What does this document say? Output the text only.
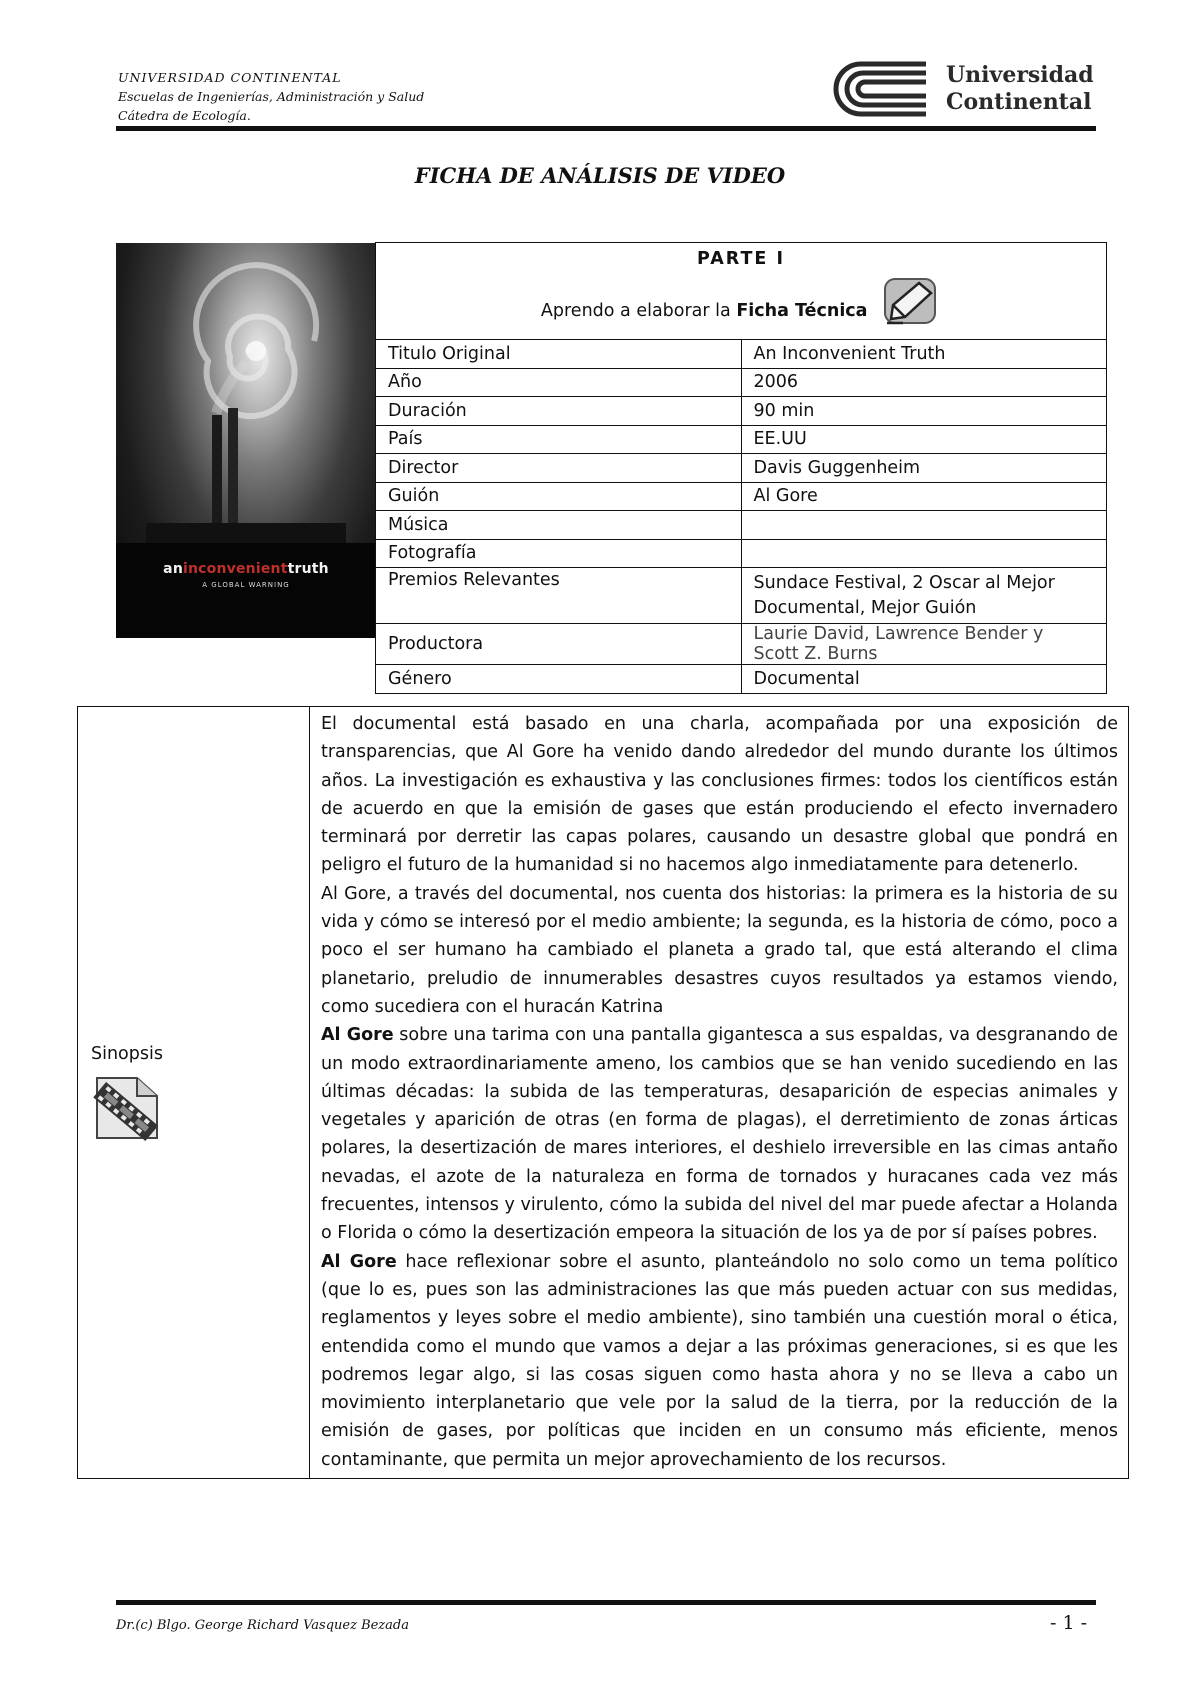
UNIVERSIDAD CONTINENTAL
Escuelas de Ingenierías, Administración y Salud
Cátedra de Ecología.
Universidad
Continental
FICHA DE ANÁLISIS DE VIDEO
aninconvenienttruth
A GLOBAL WARNING
PARTE I
Aprendo a elaborar la Ficha Técnica	

Titulo Original	An Inconvenient Truth
Año	2006
Duración	90 min
País	EE.UU
Director	Davis Guggenheim
Guión	Al Gore
Música	
Fotografía	
Premios Relevantes	Sundace Festival, 2 Oscar al Mejor Documental, Mejor Guión
Productora	Laurie David, Lawrence Bender y Scott Z. Burns
Género	Documental
Sinopsis

El documental está basado en una charla, acompañada por una exposición de transparencias, que Al Gore ha venido dando alrededor del mundo durante los últimos años. La investigación es exhaustiva y las conclusiones firmes: todos los científicos están de acuerdo en que la emisión de gases que están produciendo el efecto invernadero terminará por derretir las capas polares, causando un desastre global que pondrá en peligro el futuro de la humanidad si no hacemos algo inmediatamente para detenerlo.

Al Gore, a través del documental, nos cuenta dos historias: la primera es la historia de su vida y cómo se interesó por el medio ambiente; la segunda, es la historia de cómo, poco a poco el ser humano ha cambiado el planeta a grado tal, que está alterando el clima planetario, preludio de innumerables desastres cuyos resultados ya estamos viendo, como sucediera con el huracán Katrina

Al Gore sobre una tarima con una pantalla gigantesca a sus espaldas, va desgranando de un modo extraordinariamente ameno, los cambios que se han venido sucediendo en las últimas décadas: la subida de las temperaturas, desaparición de especias animales y vegetales y aparición de otras (en forma de plagas), el derretimiento de zonas árticas polares, la desertización de mares interiores, el deshielo irreversible en las cimas antaño nevadas, el azote de la naturaleza en forma de tornados y huracanes cada vez más frecuentes, intensos y virulento, cómo la subida del nivel del mar puede afectar a Holanda o Florida o cómo la desertización empeora la situación de los ya de por sí países pobres.

Al Gore hace reflexionar sobre el asunto, planteándolo no solo como un tema político (que lo es, pues son las administraciones las que más pueden actuar con sus medidas, reglamentos y leyes sobre el medio ambiente), sino también una cuestión moral o ética, entendida como el mundo que vamos a dejar a las próximas generaciones, si es que les podremos legar algo, si las cosas siguen como hasta ahora y no se lleva a cabo un movimiento interplanetario que vele por la salud de la tierra, por la reducción de la emisión de gases, por políticas que inciden en un consumo más eficiente, menos contaminante, que permita un mejor aprovechamiento de los recursos.

Dr.(c) Blgo. George Richard Vasquez Bezada	- 1 -
